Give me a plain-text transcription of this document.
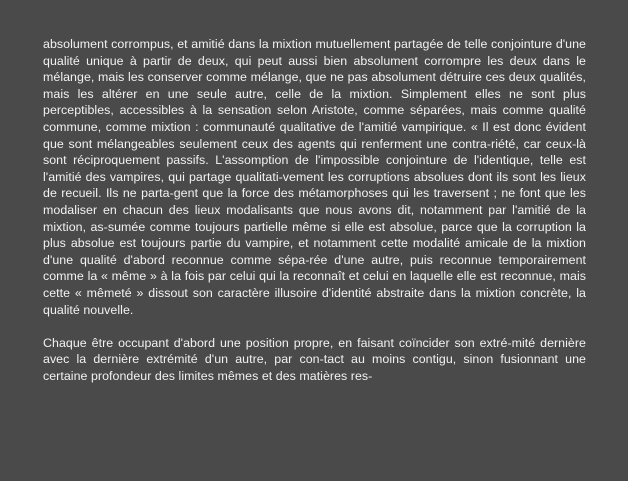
absolument corrompus, et amitié dans la mixtion mutuellement partagée de telle conjointure d'une qualité unique à partir de deux, qui peut aussi bien absolument corrompre les deux dans le mélange, mais les conserver comme mélange, que ne pas absolument détruire ces deux qualités, mais les altérer en une seule autre, celle de la mixtion. Simplement elles ne sont plus perceptibles, accessibles à la sensation selon Aristote, comme séparées, mais comme qualité commune, comme mixtion : communauté qualitative de l'amitié vampirique. « Il est donc évident que sont mélangeables seulement ceux des agents qui renferment une contra-riété, car ceux-là sont réciproquement passifs. L'assomption de l'impossible conjointure de l'identique, telle est l'amitié des vampires, qui partage qualitati-vement les corruptions absolues dont ils sont les lieux de recueil. Ils ne parta-gent que la force des métamorphoses qui les traversent ; ne font que les modaliser en chacun des lieux modalisants que nous avons dit, notamment par l'amitié de la mixtion, as-sumée comme toujours partielle même si elle est absolue, parce que la corruption la plus absolue est toujours partie du vampire, et notamment cette modalité amicale de la mixtion d'une qualité d'abord reconnue comme sépa-rée d'une autre, puis reconnue temporairement comme la « même » à la fois par celui qui la reconnaît et celui en laquelle elle est reconnue, mais cette « mêmeté » dissout son caractère illusoire d'identité abstraite dans la mixtion concrète, la qualité nouvelle.

Chaque être occupant d'abord une position propre, en faisant coïncider son extré-mité dernière avec la dernière extrémité d'un autre, par con-tact au moins contigu, sinon fusionnant une certaine profondeur des limites mêmes et des matières res-
